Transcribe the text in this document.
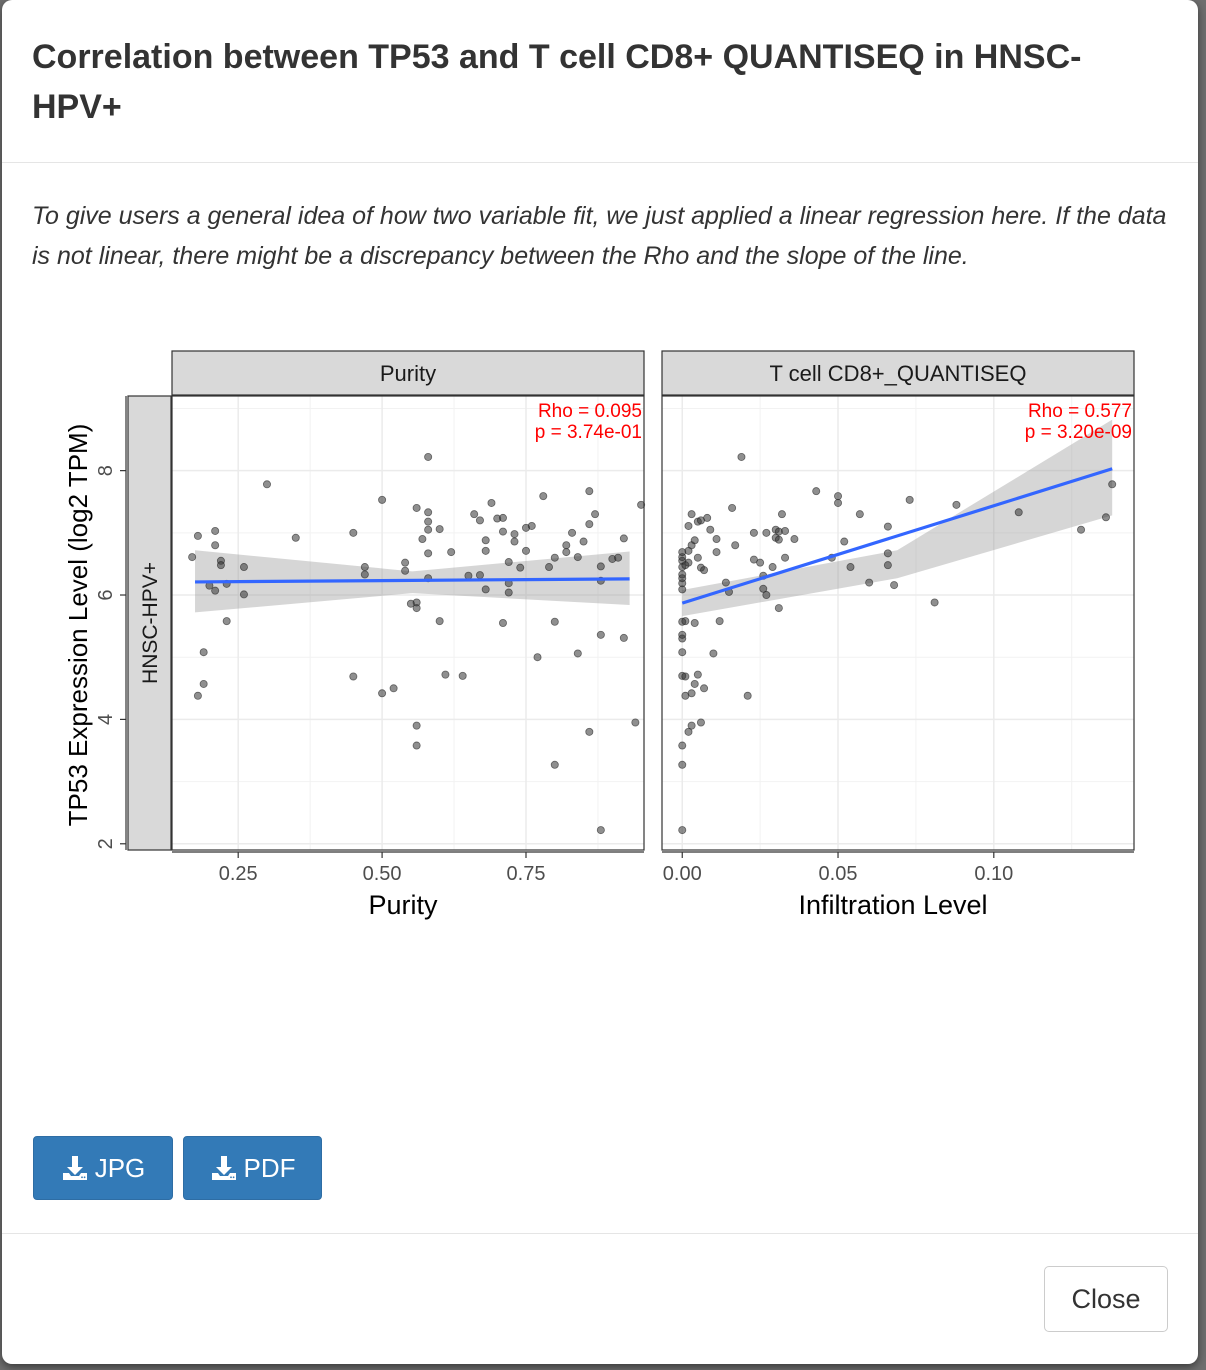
Correlation between TP53 and T cell CD8+ QUANTISEQ in HNSC-HPV+
To give users a general idea of how two variable fit, we just applied a linear regression here. If the data is not linear, there might be a discrepancy between the Rho and the slope of the line.
HNSC-HPV+
TP53 Expression Level (log2 TPM)
2
4
6
8
Purity
Rho = 0.095
p = 3.74e-01
0.25	0.50	0.75
Purity
T cell CD8+_QUANTISEQ
Rho = 0.577
p = 3.20e-09
0.00	0.05	0.10
Infiltration Level
JPG	PDF
Close
